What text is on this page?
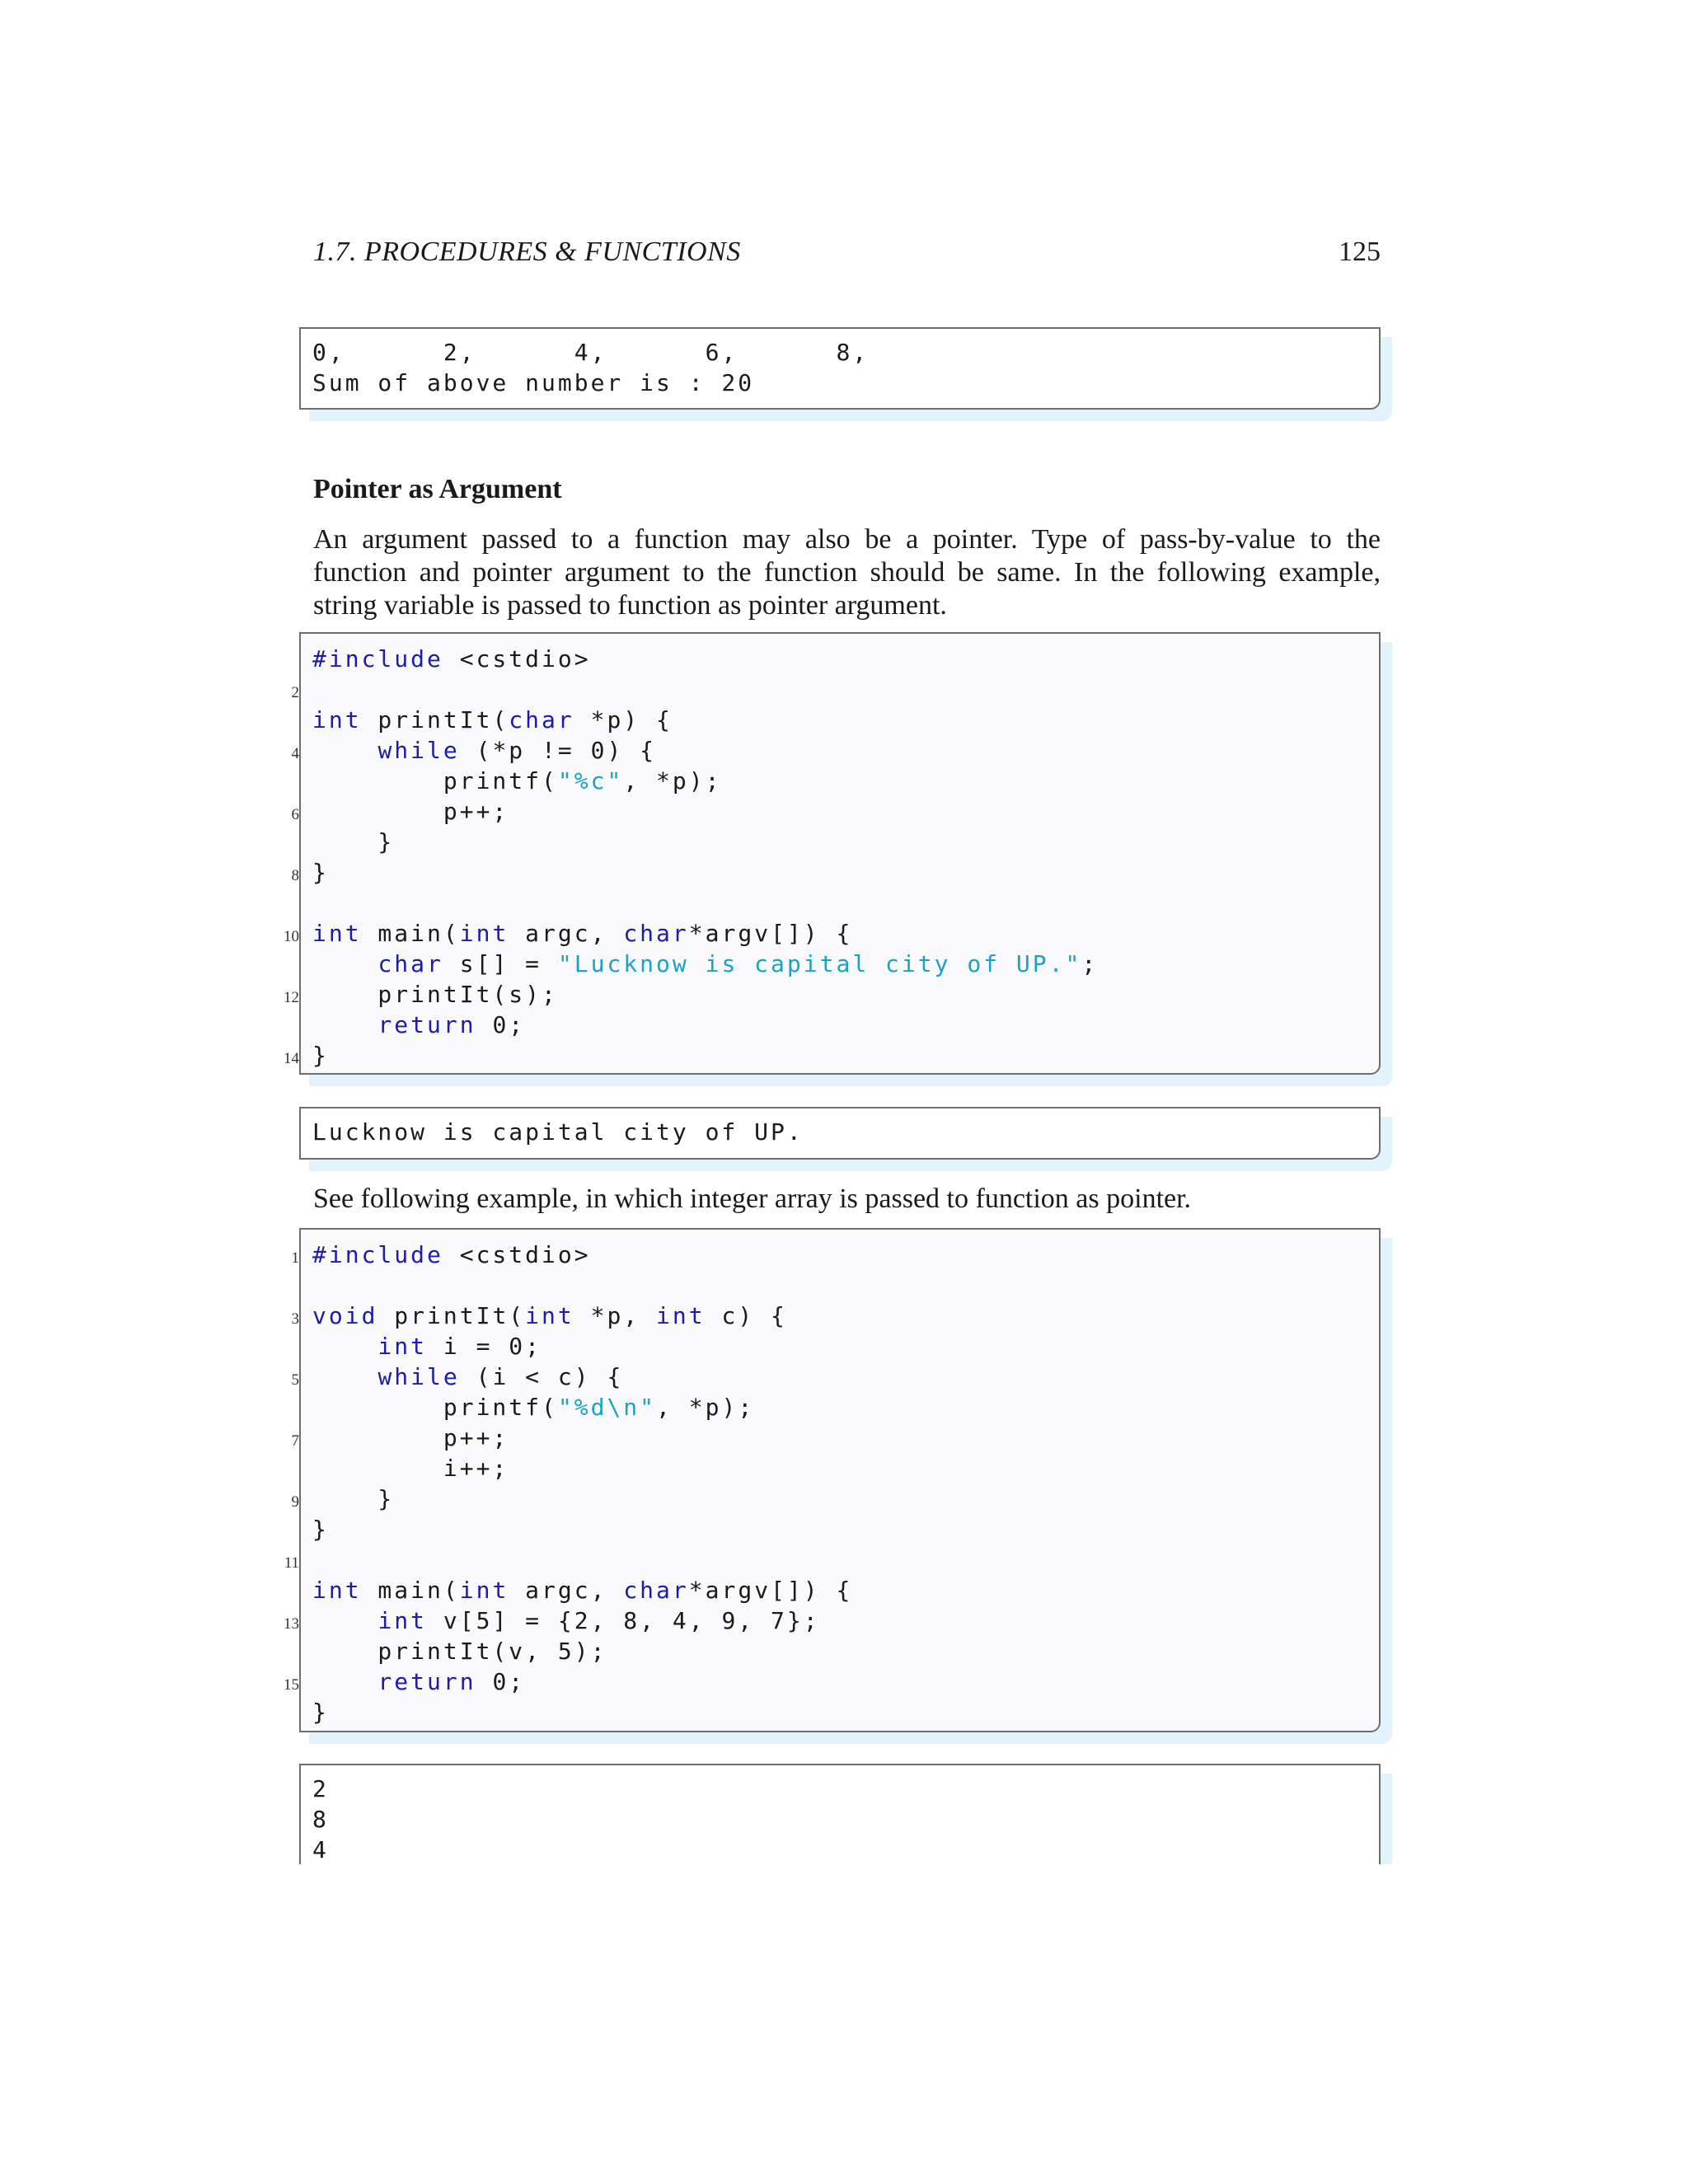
1.7. PROCEDURES & FUNCTIONS	125
0,      2,      4,      6,      8,
Sum of above number is : 20
Pointer as Argument
An argument passed to a function may also be a pointer. Type of pass-by-value to the
function and pointer argument to the function should be same. In the following example,
string variable is passed to function as pointer argument.
#include <cstdio>
2
int printIt(char *p) {
4	while (*p != 0) {
printf("%c", *p);
6 p++;
}
8 }
10 int main(int argc, char*argv[]) {
char s[] = "Lucknow is capital city of UP.";
12 printIt(s);
return 0;
14 }
Lucknow is capital city of UP.
See following example, in which integer array is passed to function as pointer.
1 #include <cstdio>
3 void printIt(int *p, int c) {
int i = 0;
5	while (i < c) {
printf("%d\n", *p);
7 p++;
i++;
9 }
}
11
int main(int argc, char*argv[]) {
13	int v[5] = {2, 8, 4, 9, 7};
printIt(v, 5);
15	return 0;
}
2
8
4
